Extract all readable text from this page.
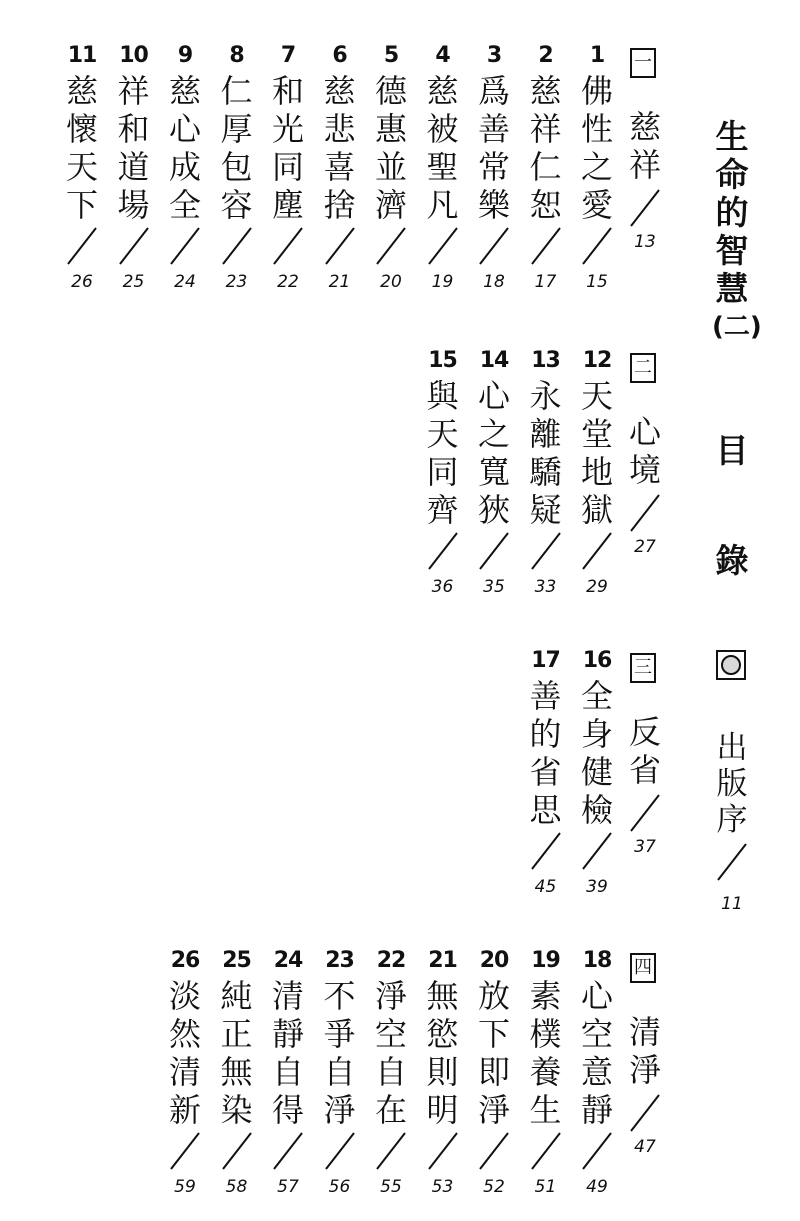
生
命
的
智
慧
(二)
目
錄
出
版
序
11
一
慈
祥
13
1
佛
性
之
愛
15
2
慈
祥
仁
恕
17
3
爲
善
常
樂
18
4
慈
被
聖
凡
19
5
德
惠
並
濟
20
6
慈
悲
喜
捨
21
7
和
光
同
塵
22
8
仁
厚
包
容
23
9
慈
心
成
全
24
10
祥
和
道
場
25
11
慈
懷
天
下
26
二
心
境
27
12
天
堂
地
獄
29
13
永
離
驕
疑
33
14
心
之
寬
狹
35
15
與
天
同
齊
36
三
反
省
37
16
全
身
健
檢
39
17
善
的
省
思
45
四
清
淨
47
18
心
空
意
靜
49
19
素
樸
養
生
51
20
放
下
即
淨
52
21
無
慾
則
明
53
22
淨
空
自
在
55
23
不
爭
自
淨
56
24
清
靜
自
得
57
25
純
正
無
染
58
26
淡
然
清
新
59
